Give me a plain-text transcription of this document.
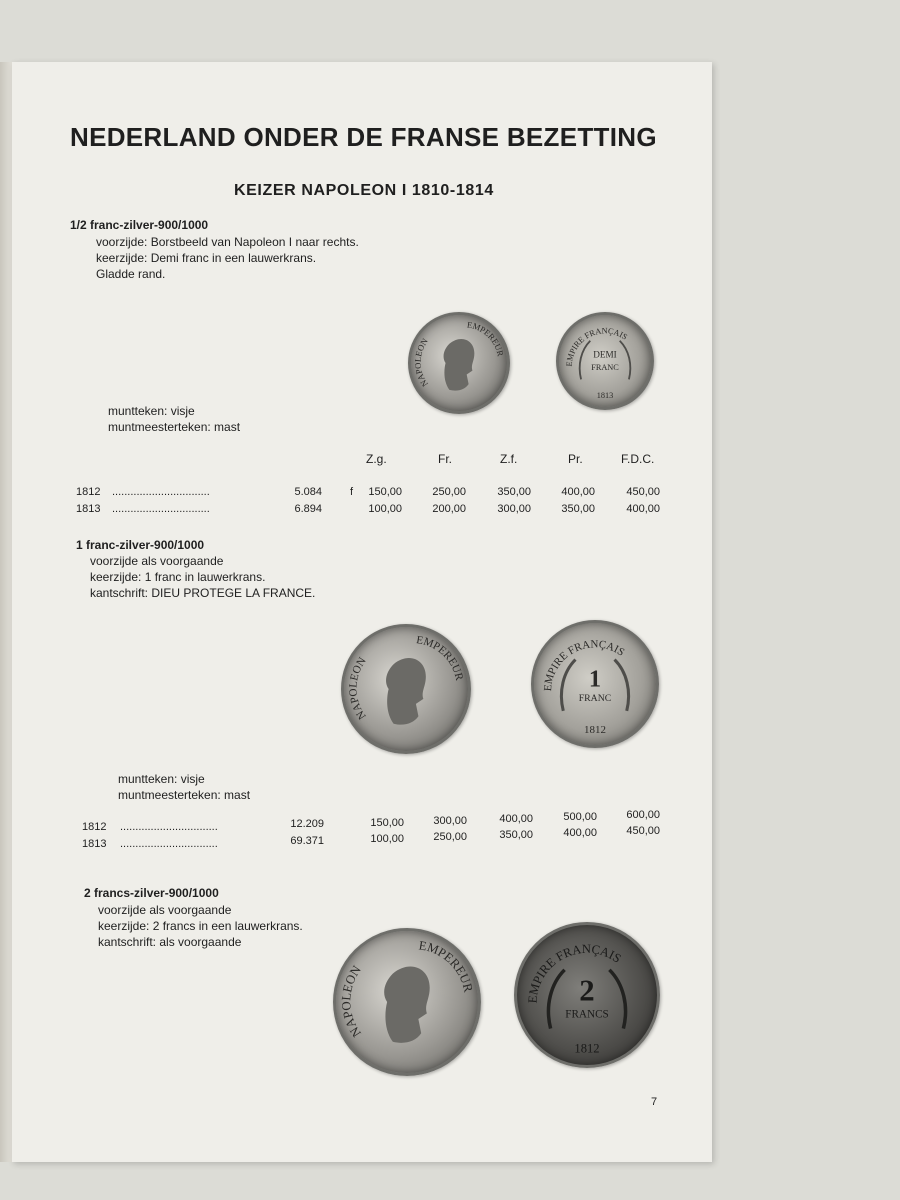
NEDERLAND ONDER DE FRANSE BEZETTING
KEIZER NAPOLEON I 1810-1814
1/2 franc-zilver-900/1000
voorzijde: Borstbeeld van Napoleon I naar rechts.
keerzijde: Demi franc in een lauwerkrans.
Gladde rand.
NAPOLEON
EMPEREUR
EMPIRE FRANÇAIS
DEMI
FRANC
1813
muntteken: visje
muntmeesterteken: mast
Z.g.	Fr.	Z.f.	Pr.	F.D.C.
1812 ................................	5.084	f	150,00	250,00	350,00	400,00	450,00
1813 ................................	6.894	100,00	200,00	300,00	350,00	400,00
1 franc-zilver-900/1000
voorzijde als voorgaande
keerzijde: 1 franc in lauwerkrans.
kantschrift: DIEU PROTEGE LA FRANCE.
NAPOLEON
EMPEREUR
EMPIRE FRANÇAIS
1
FRANC
1812
muntteken: visje
muntmeesterteken: mast
1812 ................................	12.209	150,00	300,00	400,00	500,00	600,00
1813 ................................	69.371	100,00	250,00	350,00	400,00	450,00
2 francs-zilver-900/1000
voorzijde als voorgaande
keerzijde: 2 francs in een lauwerkrans.
kantschrift: als voorgaande
NAPOLEON
EMPEREUR
EMPIRE FRANÇAIS
2
FRANCS
1812
7
